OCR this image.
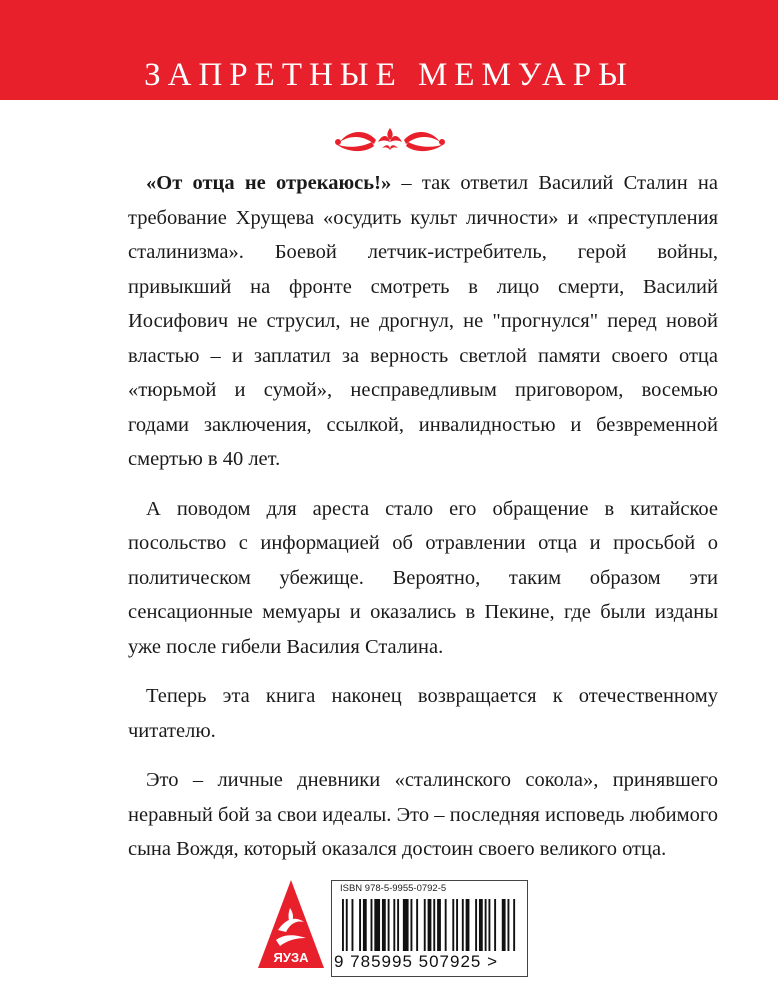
ЗАПРЕТНЫЕ МЕМУАРЫ

«От отца не отрекаюсь!» – так ответил Василий Сталин на требование Хрущева «осудить культ личности» и «преступления сталинизма». Боевой летчик-истребитель, герой войны, привыкший на фронте смотреть в лицо смерти, Василий Иосифович не струсил, не дрогнул, не "прогнулся" перед новой властью – и заплатил за верность светлой памяти своего отца «тюрьмой и сумой», несправедливым приговором, восемью годами заключения, ссылкой, инвалидностью и безвременной смертью в 40 лет.

А поводом для ареста стало его обращение в китайское посольство с информацией об отравлении отца и просьбой о политическом убежище. Вероятно, таким образом эти сенсационные мемуары и оказались в Пекине, где были изданы уже после гибели Василия Сталина.

Теперь эта книга наконец возвращается к отечественному читателю.

Это – личные дневники «сталинского сокола», принявшего неравный бой за свои идеалы. Это – последняя исповедь любимого сына Вождя, который оказался достоин своего великого отца.

ЯУЗА
ISBN 978-5-9955-0792-5
9 785995 507925 >
